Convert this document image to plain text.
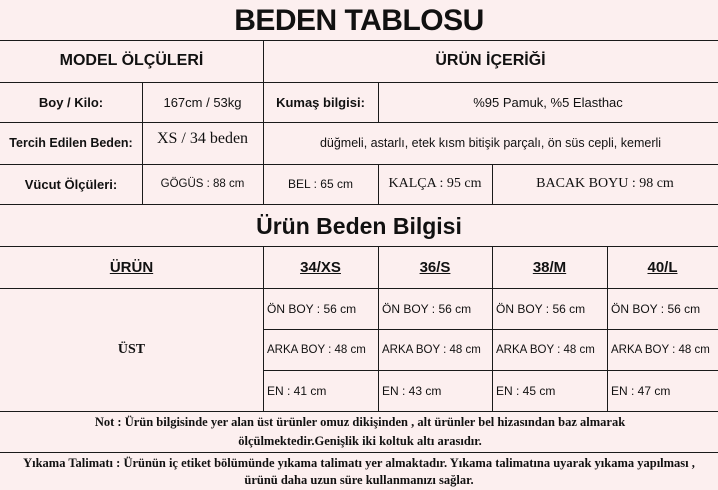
BEDEN TABLOSU
MODEL ÖLÇÜLERİ	ÜRÜN İÇERİĞİ
Boy / Kilo:	167cm / 53kg	Kumaş bilgisi:	%95 Pamuk, %5 Elasthac
Tercih Edilen Beden:	XS / 34 beden	düğmeli, astarlı, etek kısm bitişik parçalı, ön süs cepli, kemerli
Vücut Ölçüleri:	GÖGÜS : 88 cm	BEL : 65 cm	KALÇA : 95 cm	BACAK BOYU : 98 cm
Ürün Beden Bilgisi
ÜRÜN	34/XS	36/S	38/M	40/L
ÜST
ÖN BOY : 56 cm	ÖN BOY : 56 cm	ÖN BOY : 56 cm	ÖN BOY : 56 cm
ARKA BOY : 48 cm	ARKA BOY : 48 cm	ARKA BOY : 48 cm	ARKA BOY : 48 cm
EN : 41 cm	EN : 43 cm	EN : 45 cm	EN : 47 cm
Not : Ürün bilgisinde yer alan üst ürünler omuz dikişinden , alt ürünler bel hizasından baz almarak ölçülmektedir.Genişlik iki koltuk altı arasıdır.
Yıkama Talimatı : Ürünün iç etiket bölümünde yıkama talimatı yer almaktadır. Yıkama talimatına uyarak yıkama yapılması , ürünü daha uzun süre kullanmanızı sağlar.
